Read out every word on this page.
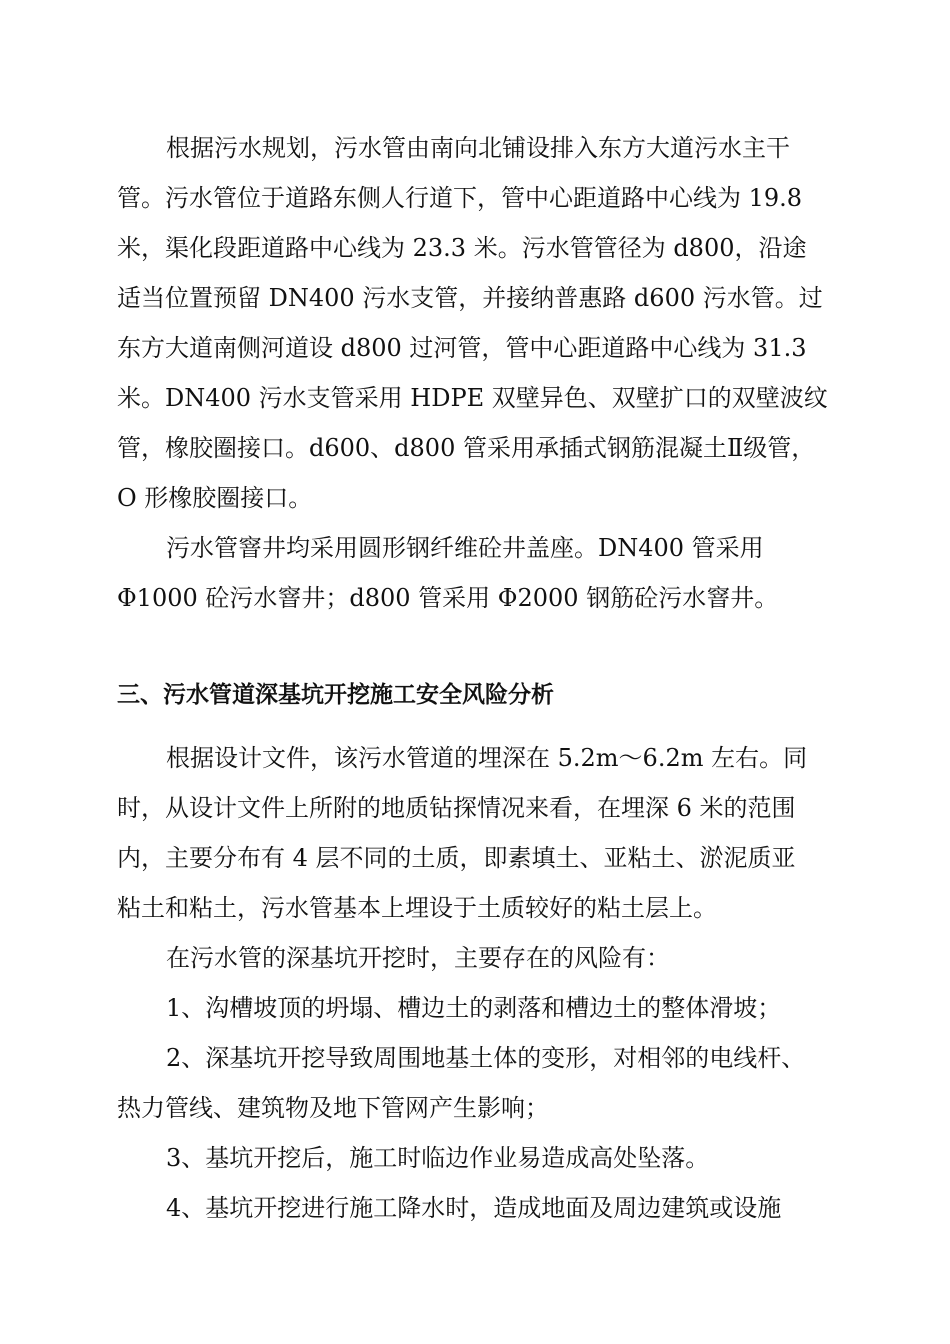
根据污水规划，污水管由南向北铺设排入东方大道污水主干
管。污水管位于道路东侧人行道下，管中心距道路中心线为 19.8
米，渠化段距道路中心线为 23.3 米。污水管管径为 d800，沿途
适当位置预留 DN400 污水支管，并接纳普惠路 d600 污水管。过
东方大道南侧河道设 d800 过河管，管中心距道路中心线为 31.3
米。DN400 污水支管采用 HDPE 双壁异色、双壁扩口的双壁波纹
管，橡胶圈接口。d600、d800 管采用承插式钢筋混凝土Ⅱ级管，
O 形橡胶圈接口。
污水管窨井均采用圆形钢纤维砼井盖座。DN400 管采用
Φ1000 砼污水窨井；d800 管采用 Φ2000 钢筋砼污水窨井。
三、污水管道深基坑开挖施工安全风险分析
根据设计文件，该污水管道的埋深在 5.2m～6.2m 左右。同
时，从设计文件上所附的地质钻探情况来看，在埋深 6 米的范围
内，主要分布有 4 层不同的土质，即素填土、亚粘土、淤泥质亚
粘土和粘土，污水管基本上埋设于土质较好的粘土层上。
在污水管的深基坑开挖时，主要存在的风险有：
1、沟槽坡顶的坍塌、槽边土的剥落和槽边土的整体滑坡；
2、深基坑开挖导致周围地基土体的变形，对相邻的电线杆、
热力管线、建筑物及地下管网产生影响；
3、基坑开挖后，施工时临边作业易造成高处坠落。
4、基坑开挖进行施工降水时，造成地面及周边建筑或设施
